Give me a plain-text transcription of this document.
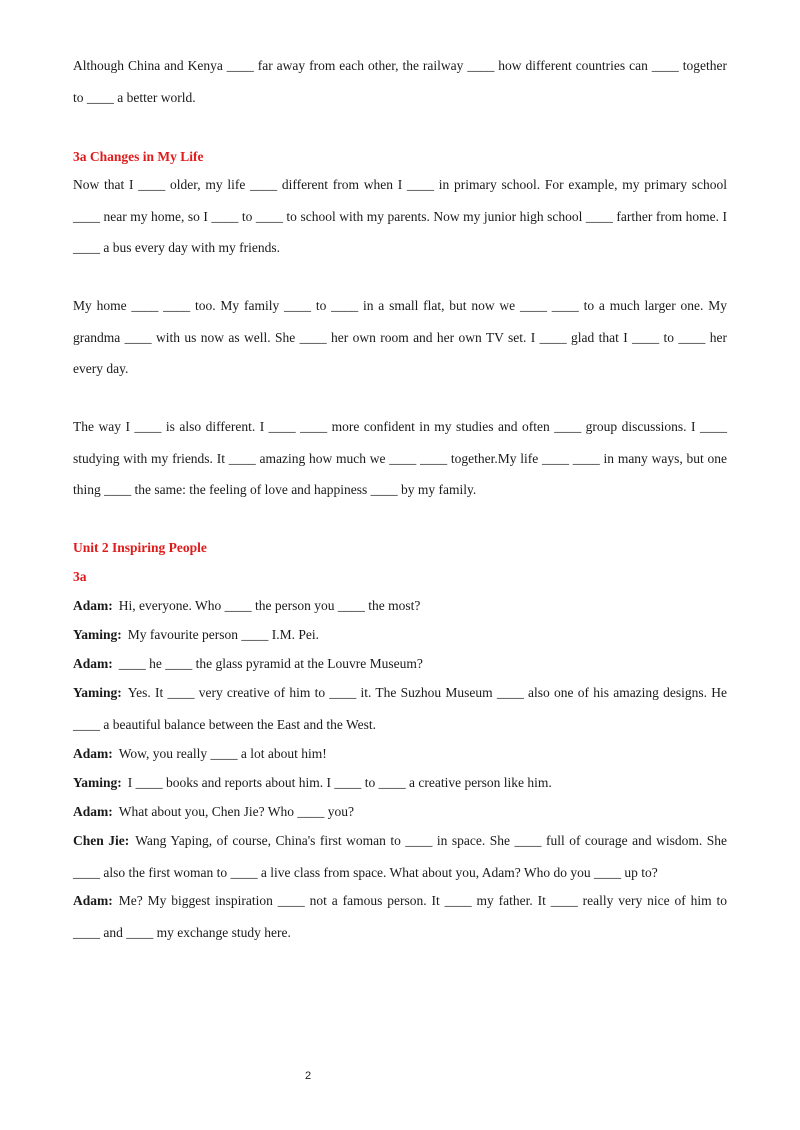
Although China and Kenya ____ far away from each other, the railway ____ how different countries can ____ together to ____ a better world.

3a Changes in My Life

Now that I ____ older, my life ____ different from when I ____ in primary school. For example, my primary school ____ near my home, so I ____ to ____ to school with my parents. Now my junior high school ____ farther from home. I ____ a bus every day with my friends.

My home ____ ____ too. My family ____ to ____ in a small flat, but now we ____ ____ to a much larger one. My grandma ____ with us now as well. She ____ her own room and her own TV set. I ____ glad that I ____ to ____ her every day.

The way I ____ is also different. I ____ ____ more confident in my studies and often ____ group discussions. I ____ studying with my friends. It ____ amazing how much we ____ ____ together.My life ____ ____ in many ways, but one thing ____ the same: the feeling of love and happiness ____ by my family.

Unit 2 Inspiring People
3a
Adam: Hi, everyone. Who ____ the person you ____ the most?
Yaming: My favourite person ____ I.M. Pei.
Adam: ____ he ____ the glass pyramid at the Louvre Museum?
Yaming: Yes. It ____ very creative of him to ____ it. The Suzhou Museum ____ also one of his amazing designs. He ____ a beautiful balance between the East and the West.
Adam: Wow, you really ____ a lot about him!
Yaming: I ____ books and reports about him. I ____ to ____ a creative person like him.
Adam: What about you, Chen Jie? Who ____ you?
Chen Jie: Wang Yaping, of course, China's first woman to ____ in space. She ____ full of courage and wisdom. She ____ also the first woman to ____ a live class from space. What about you, Adam? Who do you ____ up to?
Adam: Me? My biggest inspiration ____ not a famous person. It ____ my father. It ____ really very nice of him to ____ and ____ my exchange study here.
2
